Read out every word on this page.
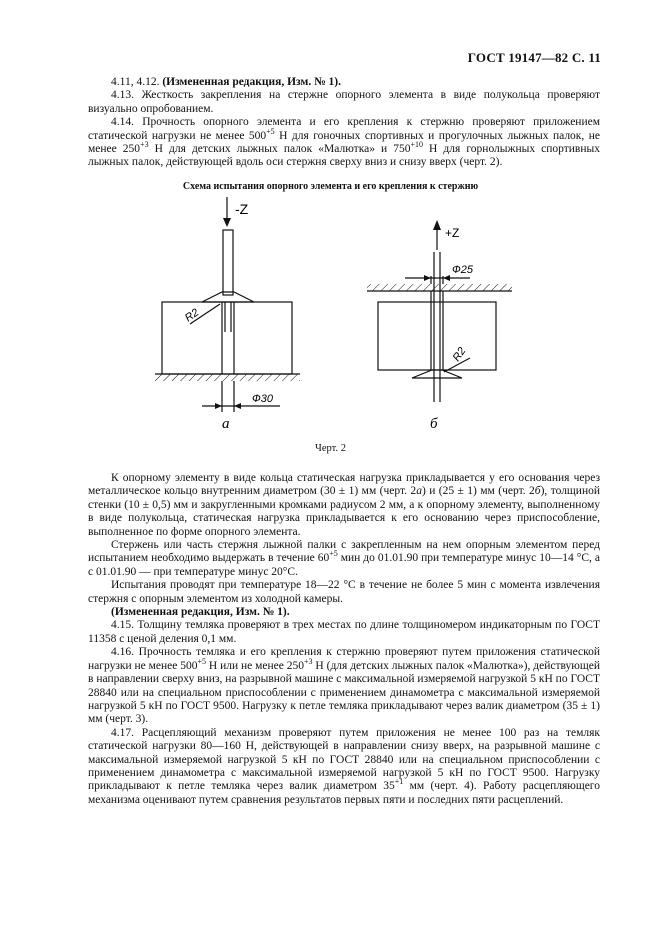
ГОСТ 19147—82 С. 11

4.11, 4.12. (Измененная редакция, Изм. № 1).

4.13. Жесткость закрепления на стержне опорного элемента в виде полукольца проверяют визуально опробованием.

4.14. Прочность опорного элемента и его крепления к стержню проверяют приложением статической нагрузки не менее $500^{+5}$ Н для гоночных спортивных и прогулочных лыжных палок, не менее $250^{+3}$ Н для детских лыжных палок «Малютка» и $750^{+10}$ Н для горнолыжных спортивных лыжных палок, действующей вдоль оси стержня сверху вниз и снизу вверх (черт. 2).

Схема испытания опорного элемента и его крепления к стержню
-Z
R2
Ф30
а
+Z
Ф25
R2
б
Черт. 2

К опорному элементу в виде кольца статическая нагрузка прикладывается у его основания через металлическое кольцо внутренним диаметром (30 ± 1) мм (черт. 2а) и (25 ± 1) мм (черт. 2б), толщиной стенки (10 ± 0,5) мм и закругленными кромками радиусом 2 мм, а к опорному элементу, выполненному в виде полукольца, статическая нагрузка прикладывается к его основанию через приспособление, выполненное по форме опорного элемента.

Стержень или часть стержня лыжной палки с закрепленным на нем опорным элементом перед испытанием необходимо выдержать в течение $60^{+5}$ мин до 01.01.90 при температуре минус 10—14 °С, а с 01.01.90 — при температуре минус 20°С.

Испытания проводят при температуре 18—22 °С в течение не более 5 мин с момента извлечения стержня с опорным элементом из холодной камеры.

(Измененная редакция, Изм. № 1).

4.15. Толщину темляка проверяют в трех местах по длине толщиномером индикаторным по ГОСТ 11358 с ценой деления 0,1 мм.

4.16. Прочность темляка и его крепления к стержню проверяют путем приложения статической нагрузки не менее $500^{+5}$ Н или не менее $250^{+3}$ Н (для детских лыжных палок «Малютка»), действующей в направлении сверху вниз, на разрывной машине с максимальной измеряемой нагрузкой 5 кН по ГОСТ 28840 или на специальном приспособлении с применением динамометра с максимальной измеряемой нагрузкой 5 кН по ГОСТ 9500. Нагрузку к петле темляка прикладывают через валик диаметром (35 ± 1) мм (черт. 3).

4.17. Расцепляющий механизм проверяют путем приложения не менее 100 раз на темляк статической нагрузки 80—160 Н, действующей в направлении снизу вверх, на разрывной машине с максимальной измеряемой нагрузкой 5 кН по ГОСТ 28840 или на специальном приспособлении с применением динамометра с максимальной измеряемой нагрузкой 5 кН по ГОСТ 9500. Нагрузку прикладывают к петле темляка через валик диаметром $35^{+1}$ мм (черт. 4). Работу расцепляющего механизма оценивают путем сравнения результатов первых пяти и последних пяти расцеплений.
